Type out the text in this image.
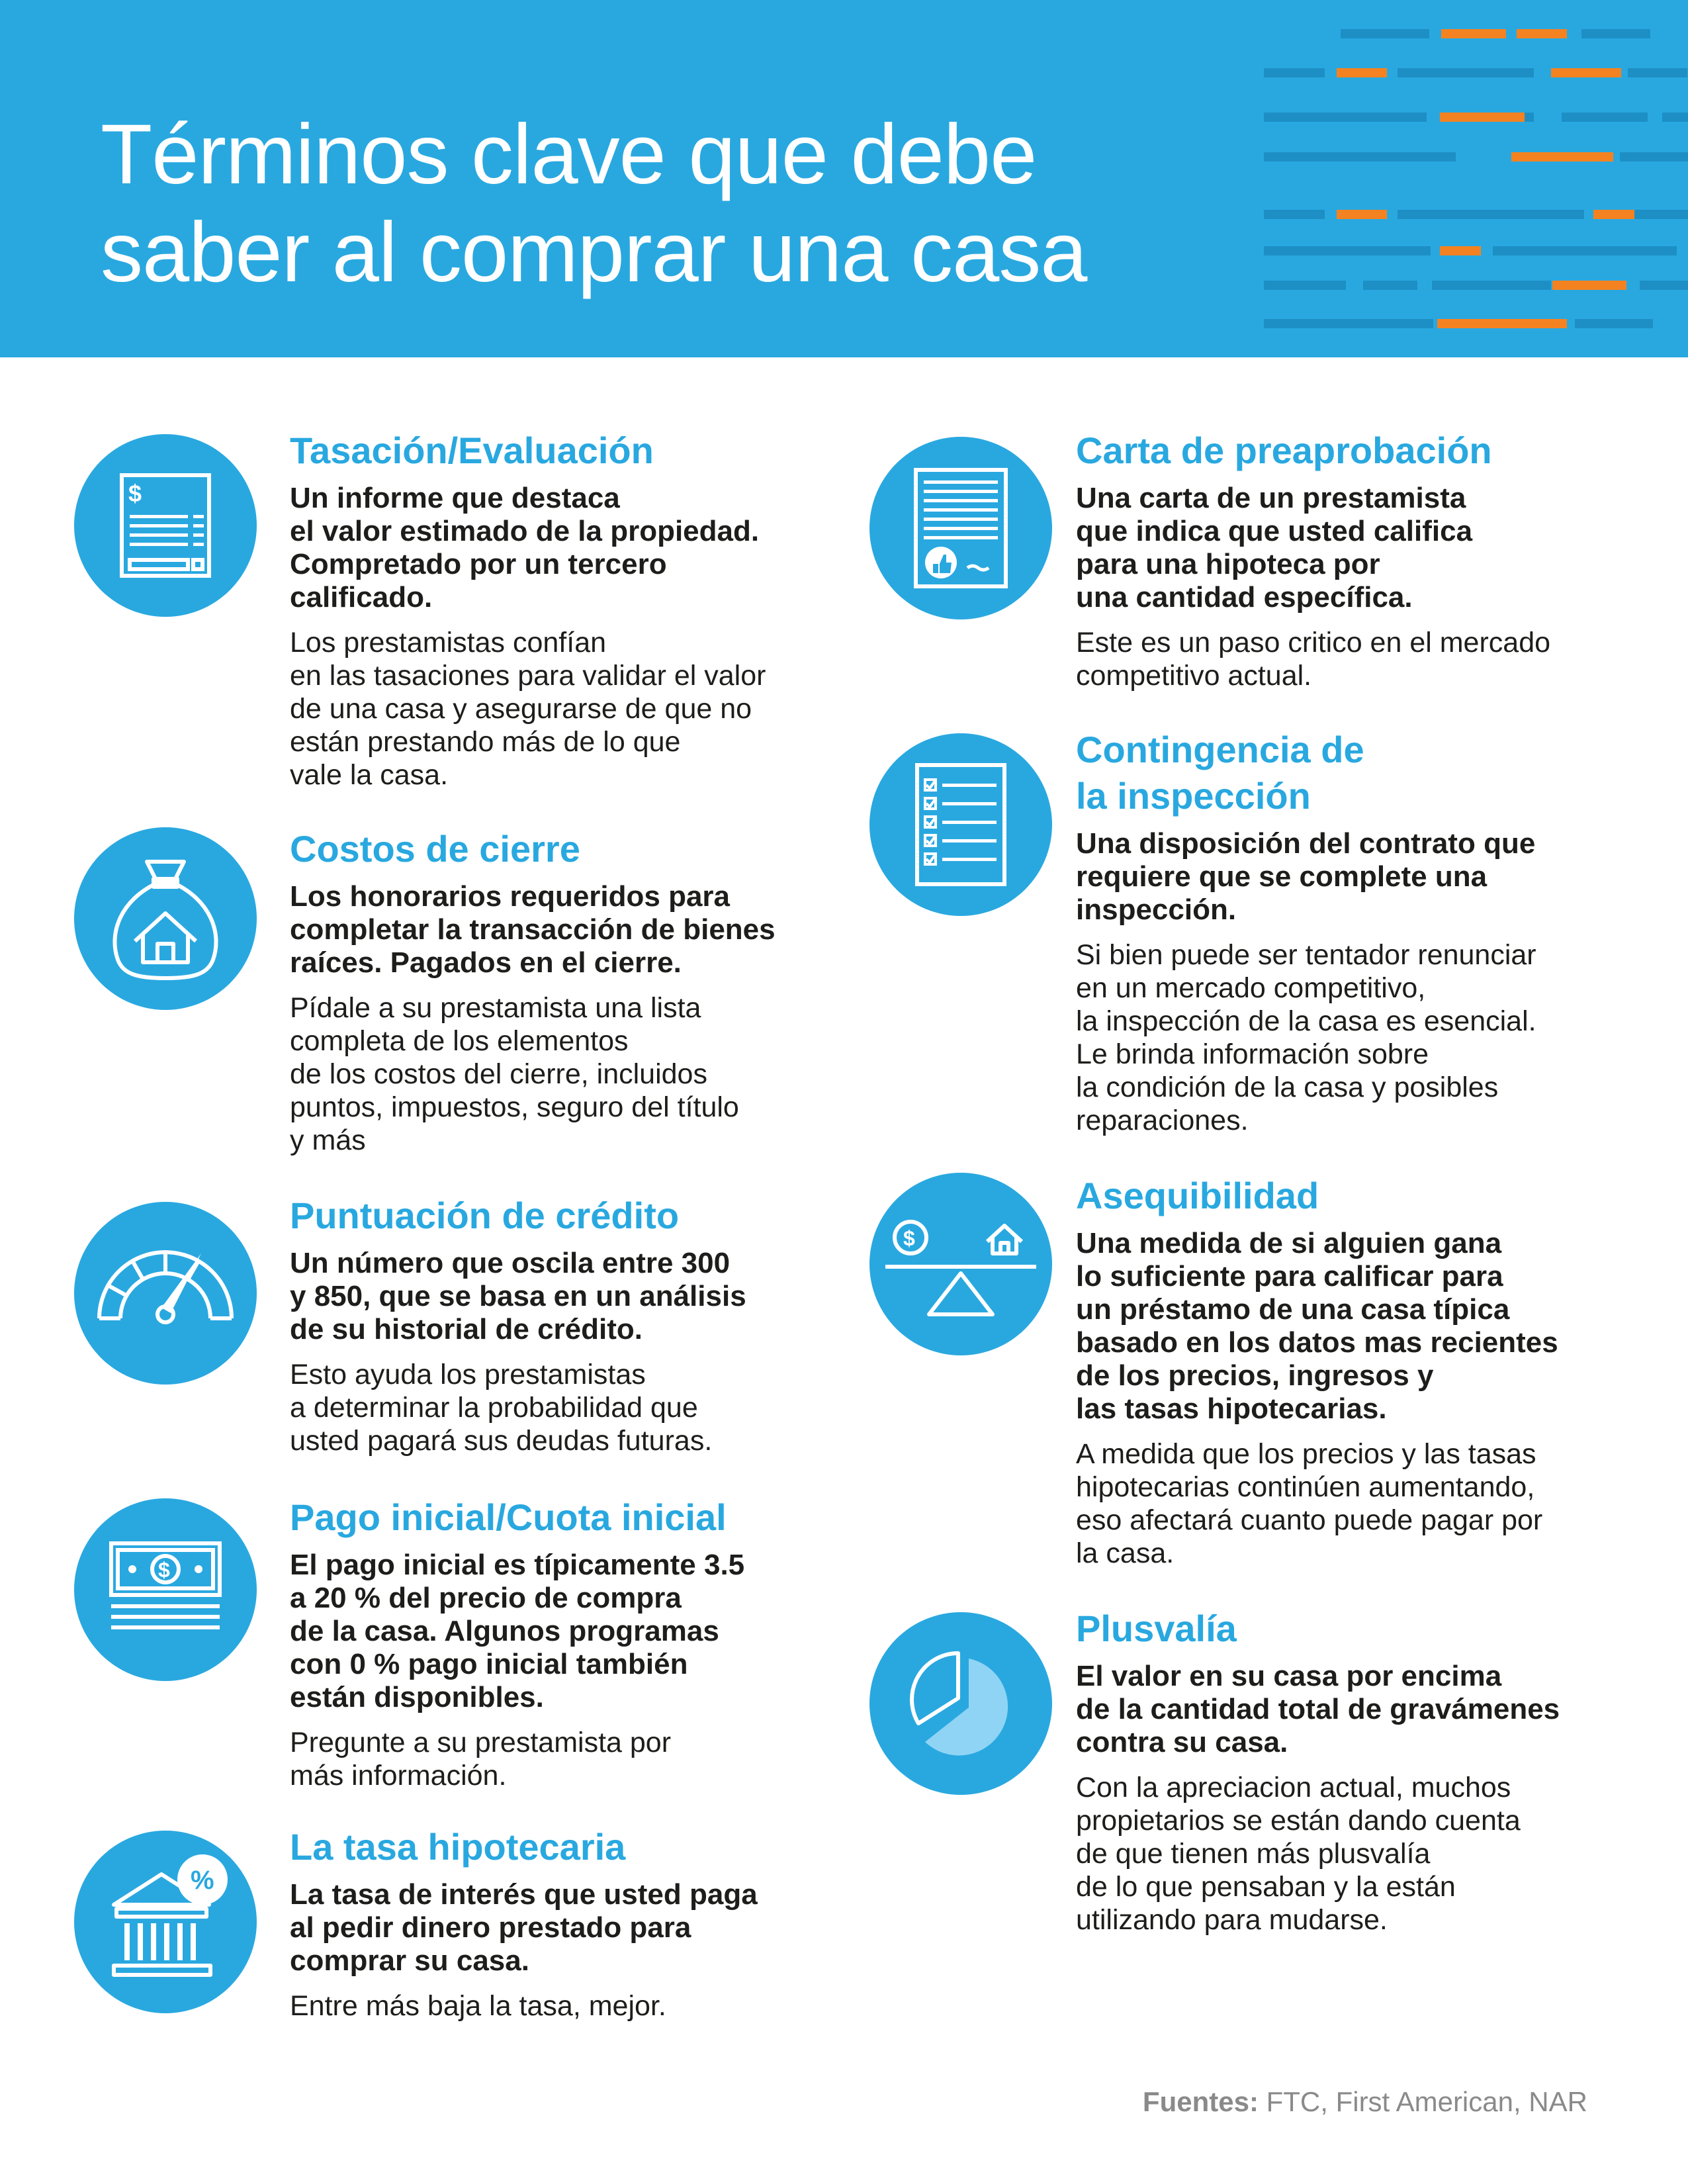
Términos clave que debe
saber al comprar una casa
$
Tasación/Evaluación

Un informe que destaca
el valor estimado de la propiedad.
Compretado por un tercero
calificado.

Los prestamistas confían
en las tasaciones para validar el valor
de una casa y asegurarse de que no
están prestando más de lo que
vale la casa.

Costos de cierre

Los honorarios requeridos para
completar la transacción de bienes
raíces. Pagados en el cierre.

Pídale a su prestamista una lista
completa de los elementos
de los costos del cierre, incluidos
puntos, impuestos, seguro del título
y más

Puntuación de crédito

Un número que oscila entre 300
y 850, que se basa en un análisis
de su historial de crédito.

Esto ayuda los prestamistas
a determinar la probabilidad que
usted pagará sus deudas futuras.

$
Pago inicial/Cuota inicial

El pago inicial es típicamente 3.5
a 20 % del precio de compra
de la casa. Algunos programas
con 0 % pago inicial también
están disponibles.

Pregunte a su prestamista por
más información.

%
La tasa hipotecaria

La tasa de interés que usted paga
al pedir dinero prestado para
comprar su casa.

Entre más baja la tasa, mejor.

Carta de preaprobación

Una carta de un prestamista
que indica que usted califica
para una hipoteca por
una cantidad específica.

Este es un paso critico en el mercado
competitivo actual.

Contingencia de
la inspección

Una disposición del contrato que
requiere que se complete una
inspección.

Si bien puede ser tentador renunciar
en un mercado competitivo,
la inspección de la casa es esencial.
Le brinda información sobre
la condición de la casa y posibles
reparaciones.

$
Asequibilidad

Una medida de si alguien gana
lo suficiente para calificar para
un préstamo de una casa típica
basado en los datos mas recientes
de los precios, ingresos y
las tasas hipotecarias.

A medida que los precios y las tasas
hipotecarias continúen aumentando,
eso afectará cuanto puede pagar por
la casa.

Plusvalía

El valor en su casa por encima
de la cantidad total de gravámenes
contra su casa.

Con la apreciacion actual, muchos
propietarios se están dando cuenta
de que tienen más plusvalía
de lo que pensaban y la están
utilizando para mudarse.

Fuentes: FTC, First American, NAR
